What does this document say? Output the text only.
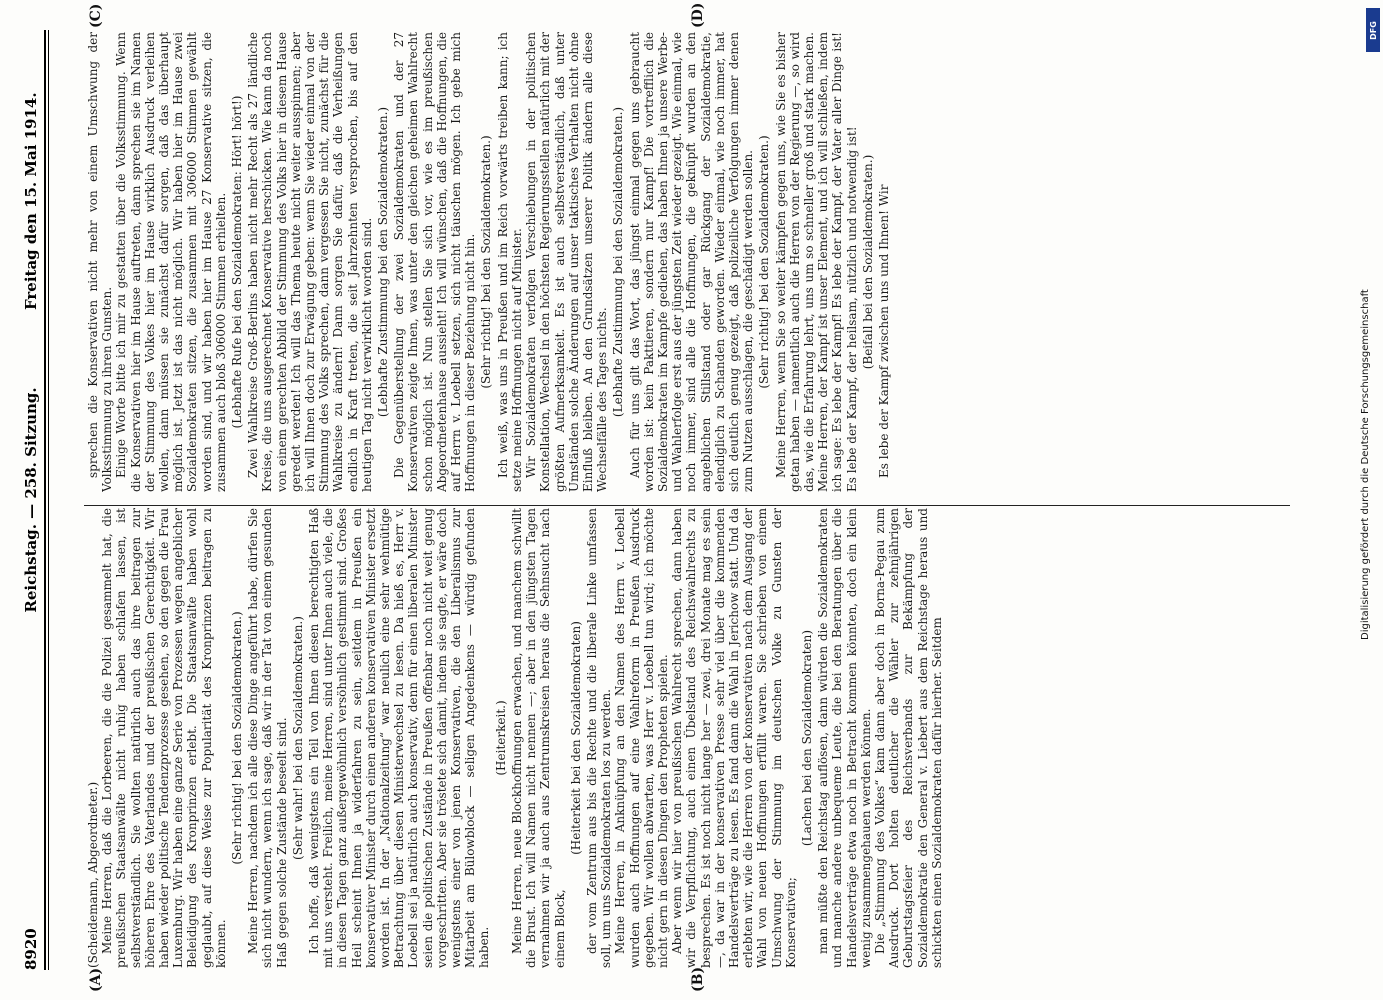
8920
Reichstag. — 258. Sitzung.
Freitag den 15. Mai 1914.
(A)	(B)
(C)	(D)

(Scheidemann, Abgeordneter.) Meine Herren, daß die Lorbeeren, die die Polizei gesammelt hat, die preußischen Staatsanwälte nicht ruhig haben schlafen lassen, ist selbstverständlich. Sie wollten natürlich auch das ihre beitragen zur höheren Ehre des Vaterlandes und der preußischen Gerechtigkeit. Wir haben wieder politische Tendenzprozesse gesehen, so den gegen die Frau Luxemburg. Wir haben eine ganze Serie von Prozessen wegen angeblicher Beleidigung des Kronprinzen erlebt. Die Staatsanwälte haben wohl geglaubt, auf diese Weise zur Popularität des Kronprinzen beitragen zu können.

(Sehr richtig! bei den Sozialdemokraten.) Meine Herren, nachdem ich alle diese Dinge angeführt habe, dürfen Sie sich nicht wundern, wenn ich sage, daß wir in der Tat von einem gesunden Haß gegen solche Zustände beseelt sind. (Sehr wahr! bei den Sozialdemokraten.) Ich hoffe, daß wenigstens ein Teil von Ihnen diesen berechtigten Haß mit uns versteht. Freilich, meine Herren, sind unter Ihnen auch viele, die in diesen Tagen ganz außergewöhnlich versöhnlich gestimmt sind. Großes Heil scheint Ihnen ja widerfahren zu sein, seitdem in Preußen ein konservativer Minister durch einen anderen konservativen Minister ersetzt worden ist. In der „Nationalzeitung“ war neulich eine sehr wehmütige Betrachtung über diesen Ministerwechsel zu lesen. Da hieß es, Herr v. Loebell sei ja natürlich auch konservativ, denn für einen liberalen Minister seien die politischen Zustände in Preußen offenbar noch nicht weit genug vorgeschritten. Aber sie tröstete sich damit, indem sie sagte, er wäre doch wenigstens einer von jenen Konservativen, die den Liberalismus zur Mitarbeit am Bülowblock — seligen Angedenkens — würdig gefunden haben.

(Heiterkeit.) Meine Herren, neue Blockhoffnungen erwachen, und manchem schwillt die Brust. Ich will Namen nicht nennen —; aber in den jüngsten Tagen vernahmen wir ja auch aus Zentrumskreisen heraus die Sehnsucht nach einem Block,

(Heiterkeit bei den Sozialdemokraten) der vom Zentrum aus bis die Rechte und die liberale Linke umfassen soll, um uns Sozialdemokraten los zu werden. Meine Herren, in Anknüpfung an den Namen des Herrn v. Loebell wurden auch Hoffnungen auf eine Wahlreform in Preußen Ausdruck gegeben. Wir wollen abwarten, was Herr v. Loebell tun wird; ich möchte nicht gern in diesen Dingen den Propheten spielen. Aber wenn wir hier von preußischen Wahlrecht sprechen, dann haben wir die Verpflichtung, auch einen Übelstand des Reichswahlrechts zu besprechen. Es ist noch nicht lange her — zwei, drei Monate mag es sein —, da war in der konservativen Presse sehr viel über die kommenden Handelsverträge zu lesen. Es fand dann die Wahl in Jerichow statt. Und da erlebten wir, wie die Herren von der konservativen nach dem Ausgang der Wahl von neuen Hoffnungen erfüllt waren. Sie schrieben von einem Umschwung der Stimmung im deutschen Volke zu Gunsten der Konservativen;

(Lachen bei den Sozialdemokraten) man müßte den Reichstag auflösen, dann würden die Sozialdemokraten und manche andere unbequeme Leute, die bei den Beratungen über die Handelsverträge etwa noch in Betracht kommen könnten, doch ein klein wenig zusammengehauen werden können. Die „Stimmung des Volkes“ kam dann aber doch in Borna-Pegau zum Ausdruck. Dort holten deutlicher die Wähler zur zehnjährigen Geburtstagsfeier des Reichsverbands zur Bekämpfung der Sozialdemokratie den General v. Liebert aus dem Reichstage heraus und schickten einen Sozialdemokraten dafür hierher. Seitdem

sprechen die Konservativen nicht mehr von einem Umschwung der Volksstimmung zu ihren Gunsten. Einige Worte bitte ich mir zu gestatten über die Volksstimmung. Wenn die Konservativen hier im Hause auftreten, dann sprechen sie im Namen der Stimmung des Volkes hier im Hause wirklich Ausdruck verleihen wollen, dann müssen sie zunächst dafür sorgen, daß das überhaupt möglich ist. Jetzt ist das nicht möglich. Wir haben hier im Hause zwei Sozialdemokraten sitzen, die zusammen mit 306000 Stimmen gewählt worden sind, und wir haben hier im Hause 27 Konservative sitzen, die zusammen auch bloß 306000 Stimmen erhielten. (Lebhafte Rufe bei den Sozialdemokraten: Hört! hört!) Zwei Wahlkreise Groß-Berlins haben nicht mehr Recht als 27 ländliche Kreise, die uns ausgerechnet Konservative herschicken. Wie kann da noch von einem gerechten Abbild der Stimmung des Volks hier in diesem Hause geredet werden! Ich will das Thema heute nicht weiter ausspinnen; aber ich will Ihnen doch zur Erwägung geben: wenn Sie wieder einmal von der Stimmung des Volks sprechen, dann vergessen Sie nicht, zunächst für die Wahlkreise zu ändern! Dann sorgen Sie dafür, daß die Verheißungen endlich in Kraft treten, die seit Jahrzehnten versprochen, bis auf den heutigen Tag nicht verwirklicht worden sind. (Lebhafte Zustimmung bei den Sozialdemokraten.) Die Gegenüberstellung der zwei Sozialdemokraten und der 27 Konservativen zeigte Ihnen, was unter den gleichen geheimen Wahlrecht schon möglich ist. Nun stellen Sie sich vor, wie es im preußischen Abgeordnetenhause aussieht! Ich will wünschen, daß die Hoffnungen, die auf Herrn v. Loebell setzen, sich nicht täuschen mögen. Ich gebe mich Hoffnungen in dieser Beziehung nicht hin. (Sehr richtig! bei den Sozialdemokraten.) Ich weiß, was uns in Preußen und im Reich vorwärts treiben kann; ich setze meine Hoffnungen nicht auf Minister. Wir Sozialdemokraten verfolgen Verschiebungen in der politischen Konstellation, Wechsel in den höchsten Regierungsstellen natürlich mit der größten Aufmerksamkeit. Es ist auch selbstverständlich, daß unter Umständen solche Änderungen auf unser taktisches Verhalten nicht ohne Einfluß bleiben. An den Grundsätzen unserer Politik ändern alle diese Wechselfälle des Tages nichts. (Lebhafte Zustimmung bei den Sozialdemokraten.) Auch für uns gilt das Wort, das jüngst einmal gegen uns gebraucht worden ist: kein Pakttieren, sondern nur Kampf! Die vortrefflich die Sozialdemokraten im Kampfe gediehen, das haben Ihnen ja unsere Werbe- und Wahlerfolge erst aus der jüngsten Zeit wieder gezeigt. Wie einmal, wie noch immer, sind alle die Hoffnungen, die geknüpft wurden an den angeblichen Stillstand oder gar Rückgang der Sozialdemokratie, elendiglich zu Schanden geworden. Wieder einmal, wie noch immer, hat sich deutlich genug gezeigt, daß polizeiliche Verfolgungen immer denen zum Nutzen ausschlagen, die geschädigt werden sollen. (Sehr richtig! bei den Sozialdemokraten.) Meine Herren, wenn Sie so weiter kämpfen gegen uns, wie Sie es bisher getan haben — namentlich auch die Herren von der Regierung —, so wird das, wie die Erfahrung lehrt, uns um so schneller groß und stark machen. Meine Herren, der Kampf ist unser Element, und ich will schließen, indem ich sage: Es lebe der Kampf! Es lebe der Kampf, der Vater aller Dinge ist! Es lebe der Kampf, der heilsam, nützlich und notwendig ist! (Beifall bei den Sozialdemokraten.) Es lebe der Kampf zwischen uns und Ihnen! Wir

DFG
Digitalisierung gefördert durch die Deutsche Forschungsgemeinschaft
